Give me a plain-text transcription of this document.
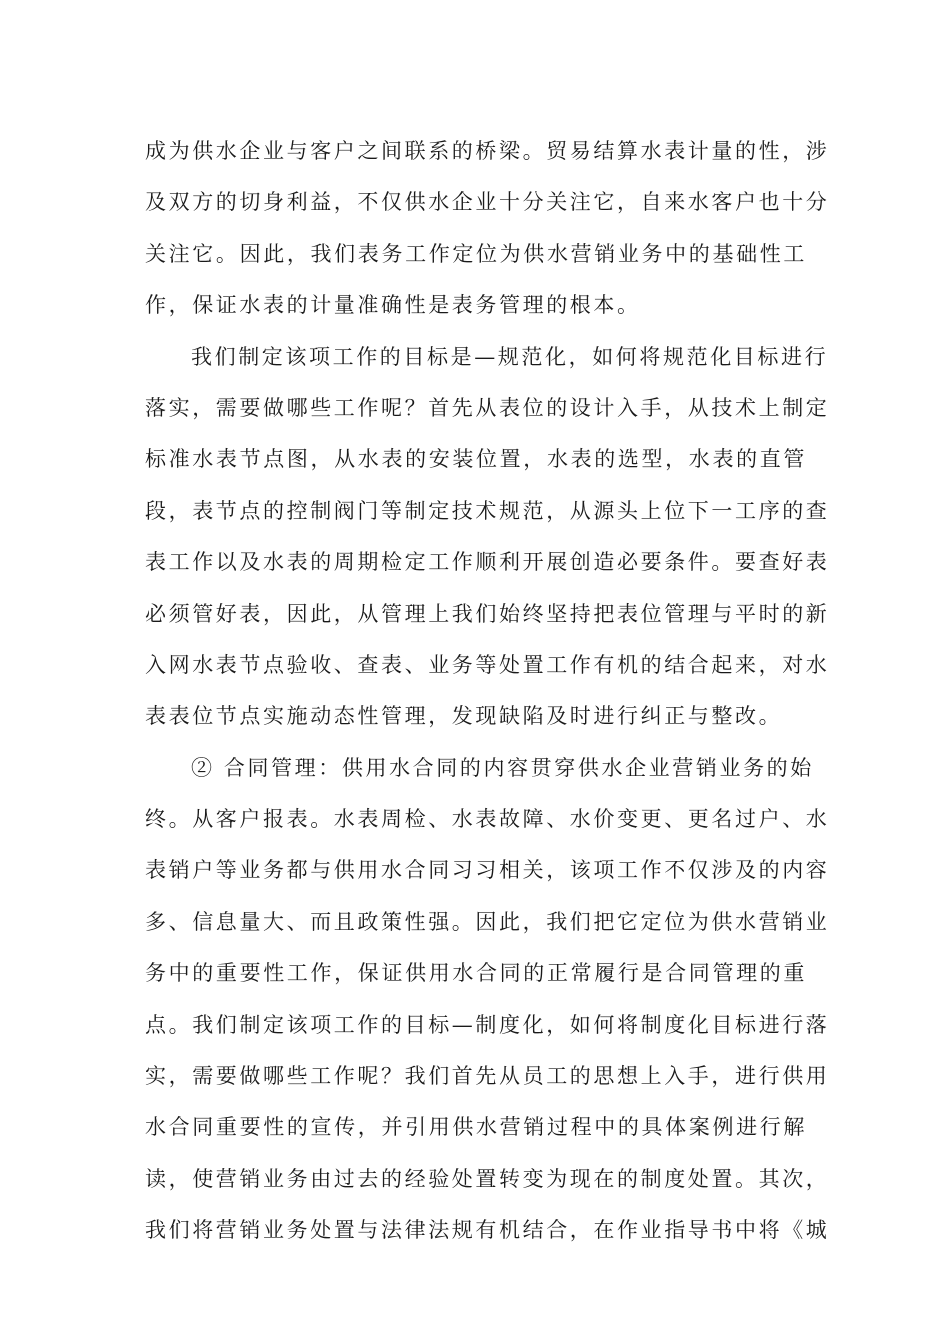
成为供水企业与客户之间联系的桥梁。贸易结算水表计量的性，涉
及双方的切身利益，不仅供水企业十分关注它，自来水客户也十分
关注它。因此，我们表务工作定位为供水营销业务中的基础性工
作，保证水表的计量准确性是表务管理的根本。
我们制定该项工作的目标是—规范化，如何将规范化目标进行
落实，需要做哪些工作呢？首先从表位的设计入手，从技术上制定
标准水表节点图，从水表的安装位置，水表的选型，水表的直管
段，表节点的控制阀门等制定技术规范，从源头上位下一工序的查
表工作以及水表的周期检定工作顺利开展创造必要条件。要查好表
必须管好表，因此，从管理上我们始终坚持把表位管理与平时的新
入网水表节点验收、查表、业务等处置工作有机的结合起来，对水
表表位节点实施动态性管理，发现缺陷及时进行纠正与整改。
② 合同管理：供用水合同的内容贯穿供水企业营销业务的始
终。从客户报表。水表周检、水表故障、水价变更、更名过户、水
表销户等业务都与供用水合同习习相关，该项工作不仅涉及的内容
多、信息量大、而且政策性强。因此，我们把它定位为供水营销业
务中的重要性工作，保证供用水合同的正常履行是合同管理的重
点。我们制定该项工作的目标—制度化，如何将制度化目标进行落
实，需要做哪些工作呢？我们首先从员工的思想上入手，进行供用
水合同重要性的宣传，并引用供水营销过程中的具体案例进行解
读，使营销业务由过去的经验处置转变为现在的制度处置。其次，
我们将营销业务处置与法律法规有机结合，在作业指导书中将《城
